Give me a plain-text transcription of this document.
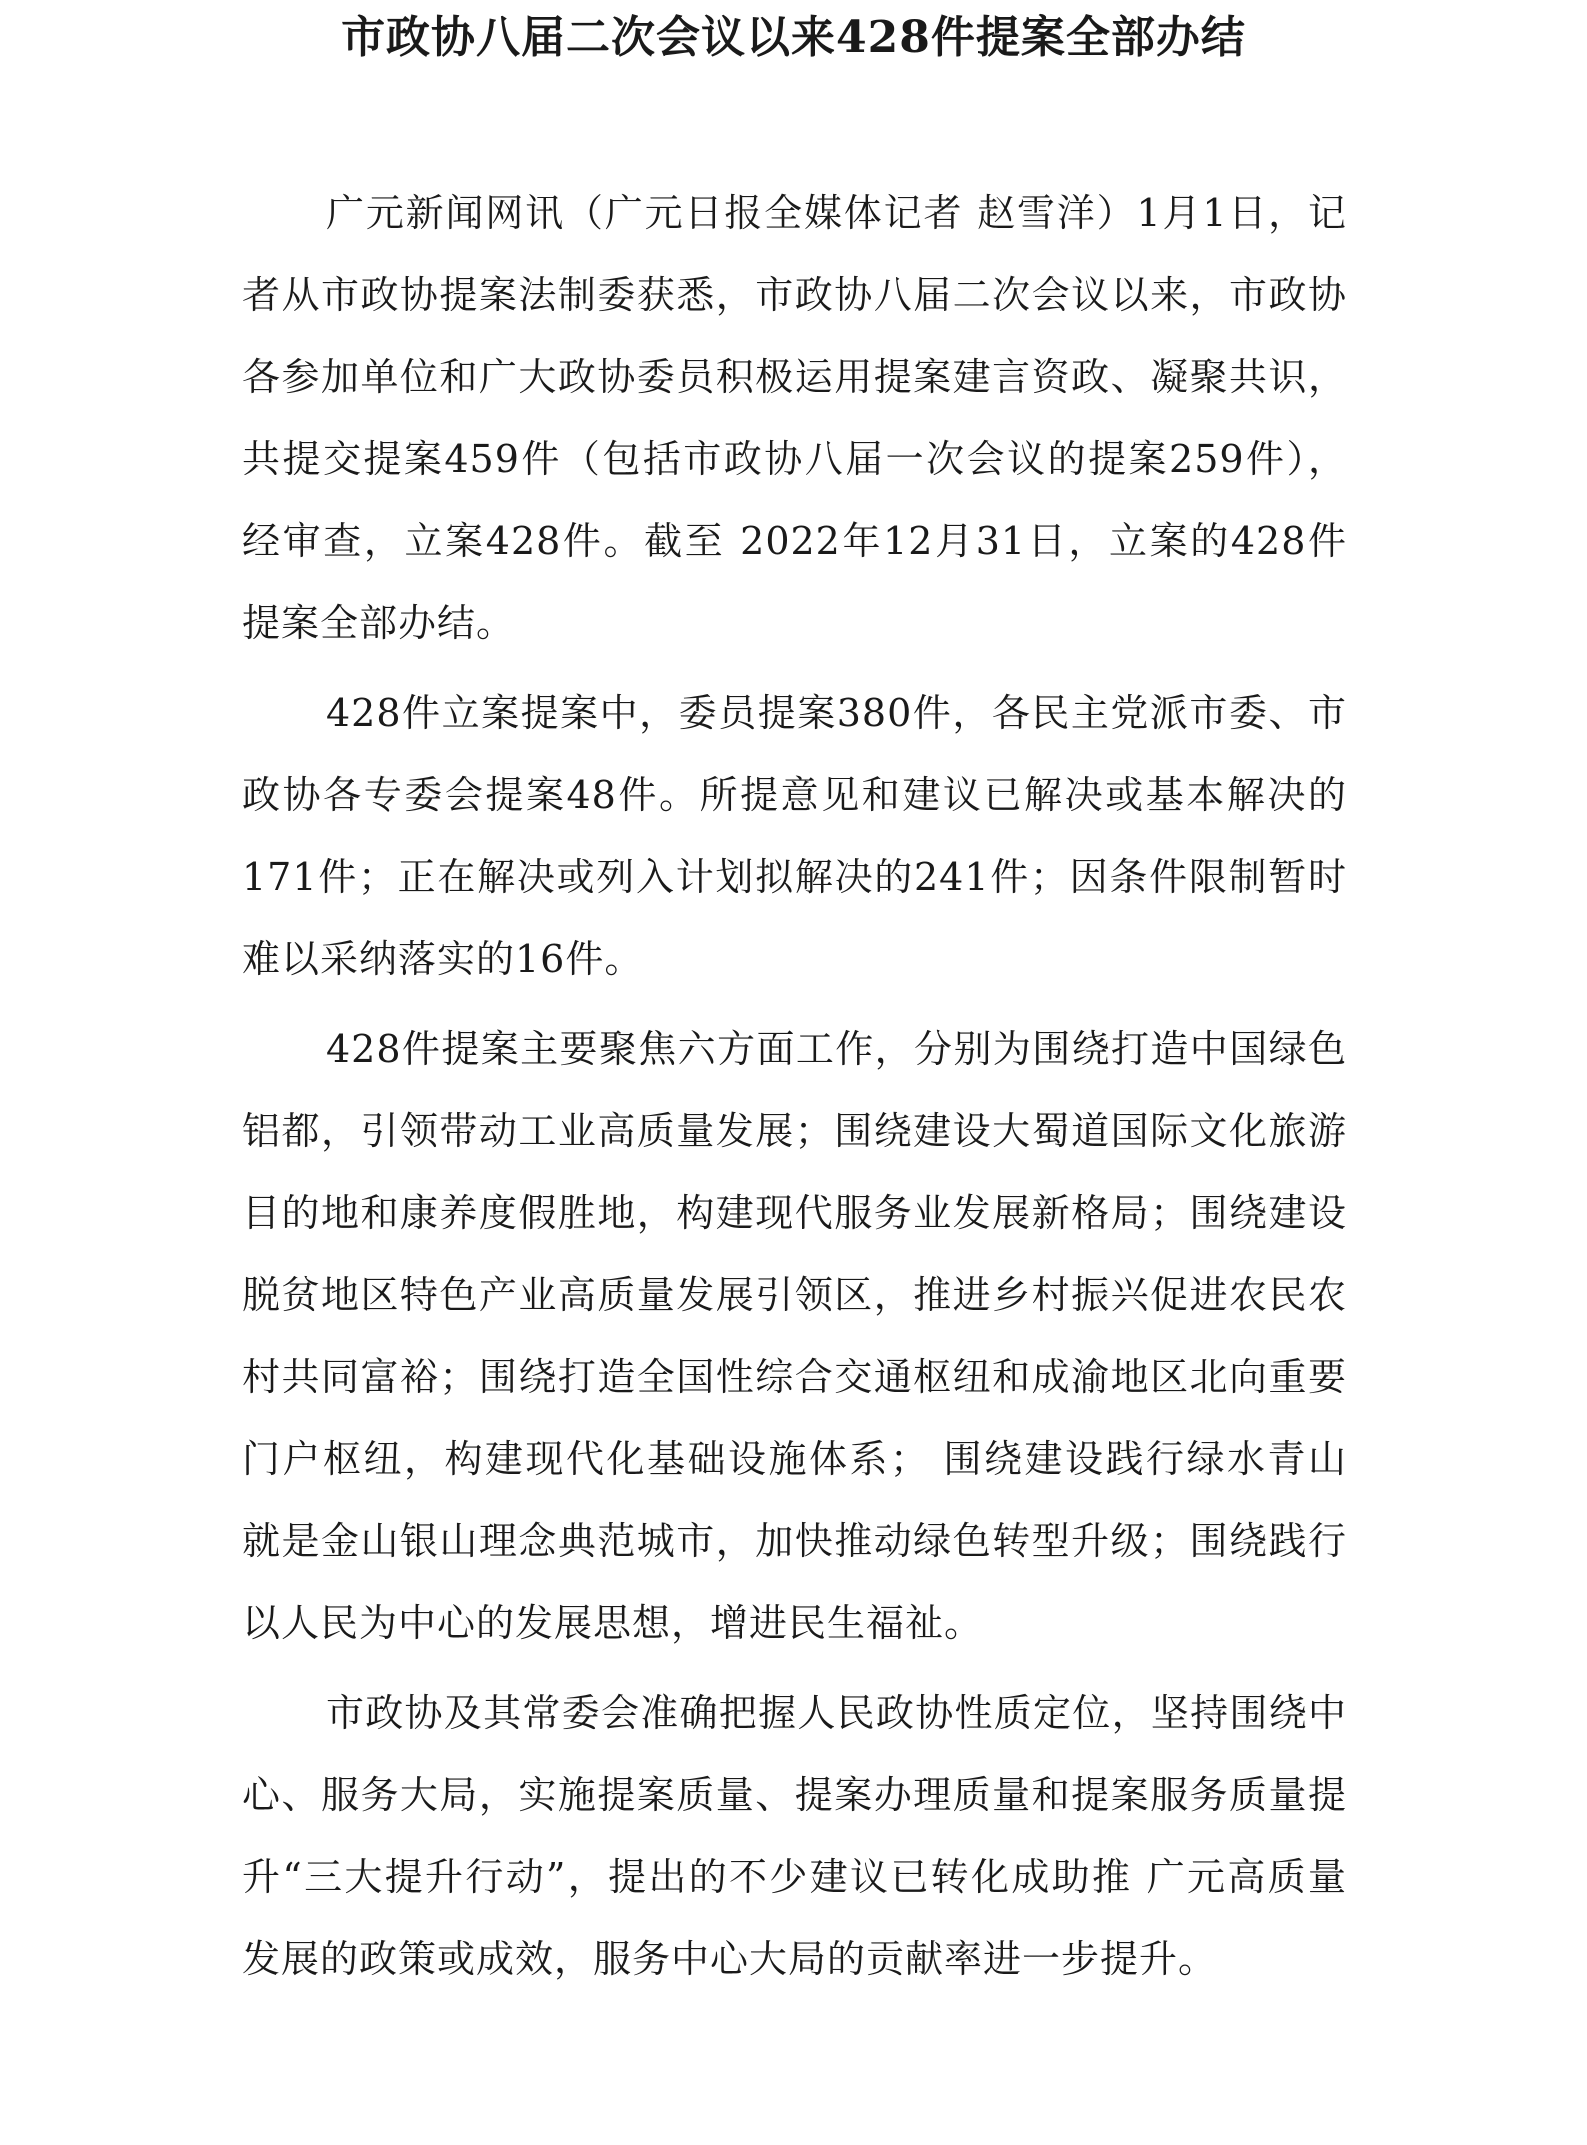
市政协八届二次会议以来428件提案全部办结

广元新闻网讯（广元日报全媒体记者 赵雪洋）1月1日，记者从市政协提案法制委获悉，市政协八届二次会议以来，市政协各参加单位和广大政协委员积极运用提案建言资政、凝聚共识，共提交提案459件（包括市政协八届一次会议的提案259件），经审查，立案428件。截至 2022年12月31日，立案的428件提案全部办结。

428件立案提案中，委员提案380件，各民主党派市委、市政协各专委会提案48件。所提意见和建议已解决或基本解决的171件；正在解决或列入计划拟解决的241件；因条件限制暂时难以采纳落实的16件。

428件提案主要聚焦六方面工作，分别为围绕打造中国绿色铝都，引领带动工业高质量发展；围绕建设大蜀道国际文化旅游目的地和康养度假胜地，构建现代服务业发展新格局；围绕建设脱贫地区特色产业高质量发展引领区，推进乡村振兴促进农民农村共同富裕；围绕打造全国性综合交通枢纽和成渝地区北向重要门户枢纽，构建现代化基础设施体系； 围绕建设践行绿水青山就是金山银山理念典范城市，加快推动绿色转型升级；围绕践行以人民为中心的发展思想，增进民生福祉。

市政协及其常委会准确把握人民政协性质定位，坚持围绕中心、服务大局，实施提案质量、提案办理质量和提案服务质量提升“三大提升行动”，提出的不少建议已转化成助推 广元高质量发展的政策或成效，服务中心大局的贡献率进一步提升。
